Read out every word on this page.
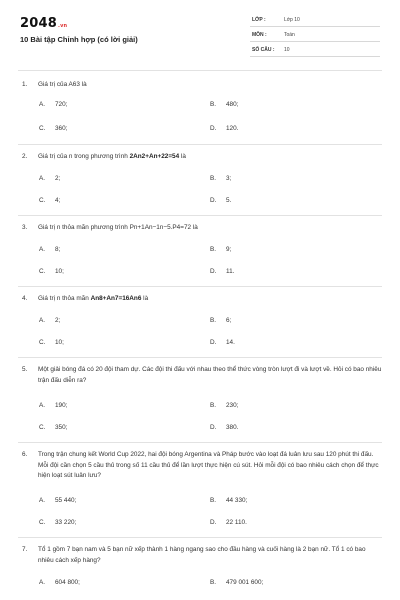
2048.vn
10 Bài tập Chỉnh hợp (có lời giải)
LỚP :	Lớp 10
MÔN :	Toán
SỐ CÂU : 10
1. Giá trị của A63 là
A. 720;	B. 480;
C. 360;	D. 120.
2. Giá trị của n trong phương trình 2An2+An+22=54 là
A. 2;	B. 3;
C. 4;	D. 5.
3. Giá trị n thỏa mãn phương trình Pn+1An−1n−5.P4=72 là
A. 8;	B. 9;
C. 10;	D. 11.
4. Giá trị n thỏa mãn An8+An7=16An6 là
A. 2;	B. 6;
C. 10;	D. 14.
5. Một giải bóng đá có 20 đội tham dự. Các đội thi đấu với nhau theo thể thức vòng tròn lượt đi và lượt về. Hỏi có bao nhiêu trận đấu diễn ra?
A. 190;	B. 230;
C. 350;	D. 380.
6. Trong trận chung kết World Cup 2022, hai đội bóng Argentina và Pháp bước vào loạt đá luân lưu sau 120 phút thi đấu. Mỗi đội cần chọn 5 cầu thủ trong số 11 cầu thủ để lần lượt thực hiện cú sút. Hỏi mỗi đội có bao nhiêu cách chọn để thực hiện loạt sút luân lưu?
A. 55 440;	B. 44 330;
C. 33 220;	D. 22 110.
7. Tổ 1 gồm 7 bạn nam và 5 bạn nữ xếp thành 1 hàng ngang sao cho đầu hàng và cuối hàng là 2 bạn nữ. Tổ 1 có bao nhiêu cách xếp hàng?
A. 604 800;	B. 479 001 600;
